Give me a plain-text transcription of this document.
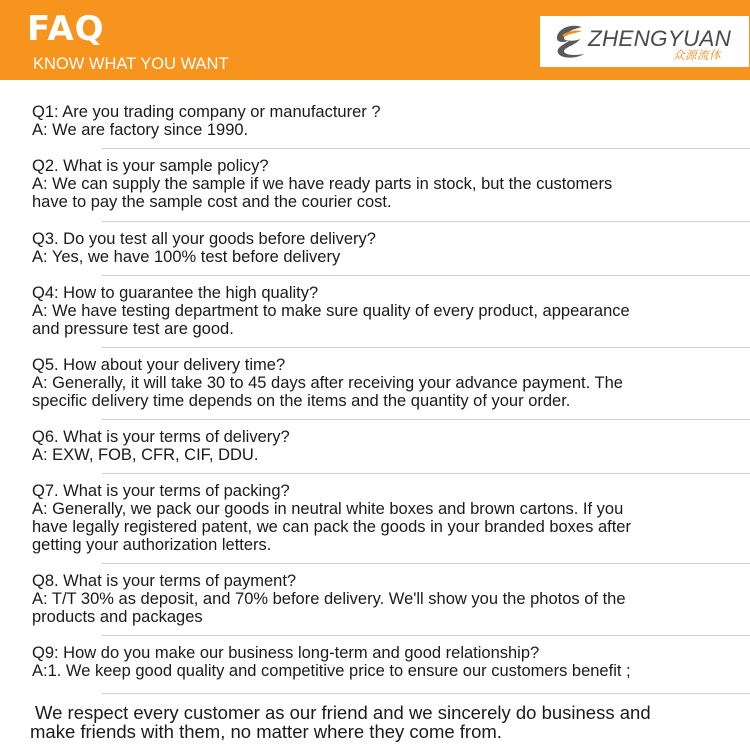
FAQ
KNOW WHAT YOU WANT
ZHENGYUAN
众源流体

Q1: Are you trading company or manufacturer ?

A: We are factory since 1990.

Q2. What is your sample policy?

A: We can supply the sample if we have ready parts in stock, but the customers

have to pay the sample cost and the courier cost.

Q3. Do you test all your goods before delivery?

A: Yes, we have 100% test before delivery

Q4: How to guarantee the high quality?

A: We have testing department to make sure quality of every product, appearance

and pressure test are good.

Q5. How about your delivery time?

A: Generally, it will take 30 to 45 days after receiving your advance payment. The

specific delivery time depends on the items and the quantity of your order.

Q6. What is your terms of delivery?

A: EXW, FOB, CFR, CIF, DDU.

Q7. What is your terms of packing?

A: Generally, we pack our goods in neutral white boxes and brown cartons. If you

have legally registered patent, we can pack the goods in your branded boxes after

getting your authorization letters.

Q8. What is your terms of payment?

A: T/T 30% as deposit, and 70% before delivery. We'll show you the photos of the

products and packages

Q9: How do you make our business long-term and good relationship?

A:1. We keep good quality and competitive price to ensure our customers benefit ;

We respect every customer as our friend and we sincerely do business and
make friends with them, no matter where they come from.
